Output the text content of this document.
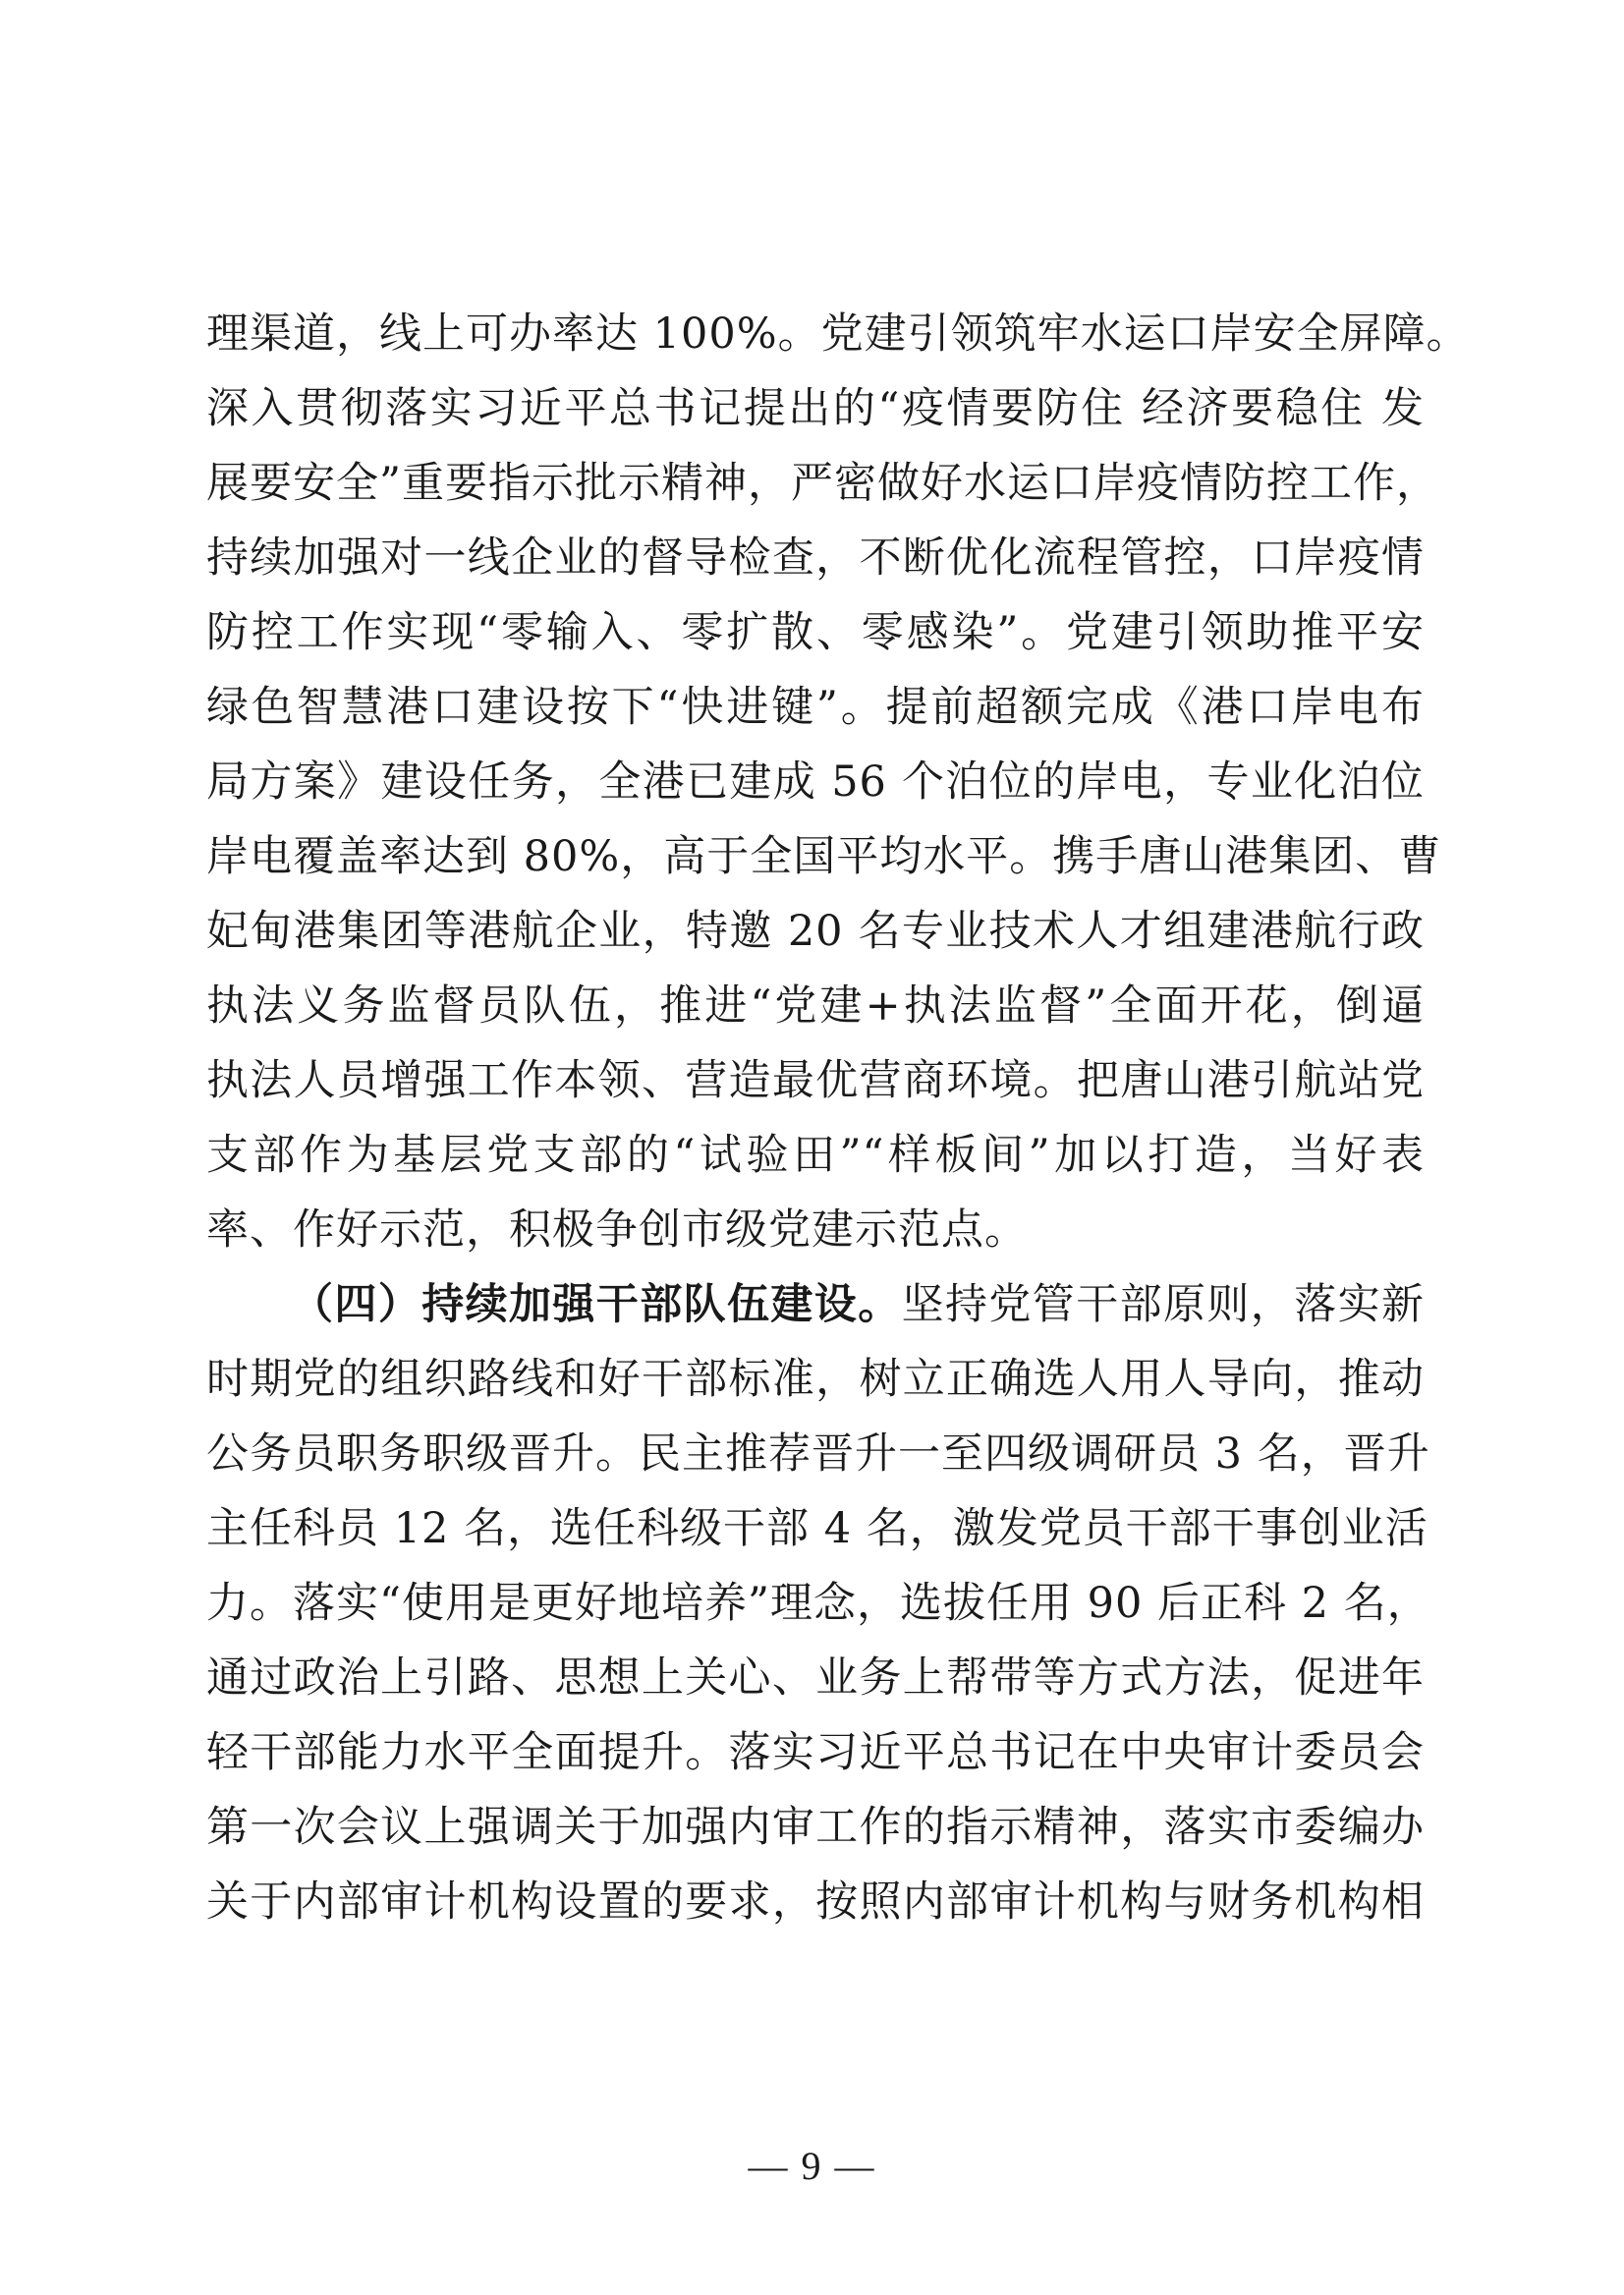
理渠道，线上可办率达 100%。党建引领筑牢水运口岸安全屏障。
深入贯彻落实习近平总书记提出的“疫情要防住 经济要稳住 发
展要安全”重要指示批示精神，严密做好水运口岸疫情防控工作，
持续加强对一线企业的督导检查，不断优化流程管控，口岸疫情
防控工作实现“零输入、零扩散、零感染”。党建引领助推平安
绿色智慧港口建设按下“快进键”。提前超额完成《港口岸电布
局方案》建设任务，全港已建成 56 个泊位的岸电，专业化泊位
岸电覆盖率达到 80%，高于全国平均水平。携手唐山港集团、曹
妃甸港集团等港航企业，特邀 20 名专业技术人才组建港航行政
执法义务监督员队伍，推进“党建+执法监督”全面开花，倒逼
执法人员增强工作本领、营造最优营商环境。把唐山港引航站党
支部作为基层党支部的“试验田”“样板间”加以打造，当好表
率、作好示范，积极争创市级党建示范点。
（四）持续加强干部队伍建设。坚持党管干部原则，落实新
时期党的组织路线和好干部标准，树立正确选人用人导向，推动
公务员职务职级晋升。民主推荐晋升一至四级调研员 3 名，晋升
主任科员 12 名，选任科级干部 4 名，激发党员干部干事创业活
力。落实“使用是更好地培养”理念，选拔任用 90 后正科 2 名，
通过政治上引路、思想上关心、业务上帮带等方式方法，促进年
轻干部能力水平全面提升。落实习近平总书记在中央审计委员会
第一次会议上强调关于加强内审工作的指示精神，落实市委编办
关于内部审计机构设置的要求，按照内部审计机构与财务机构相
— 9 —
